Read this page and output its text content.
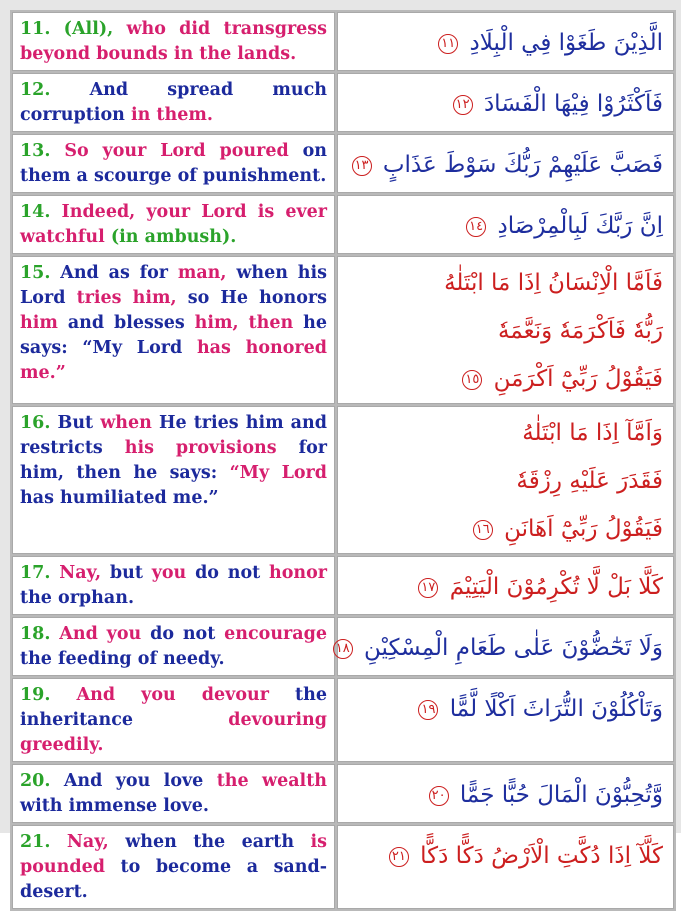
11. (All), who did transgress beyond bounds in the lands.	الَّذِيْنَ طَغَوْا فِي الْبِلَادِ ١١

12. And spread much corruption in them.	فَاَكْثَرُوْا فِيْهَا الْفَسَادَ ١٢

13. So your Lord poured on them a scourge of punishment.	فَصَبَّ عَلَيْهِمْ رَبُّكَ سَوْطَ عَذَابٍ ١٣

14. Indeed, your Lord is ever watchful (in ambush).	اِنَّ رَبَّكَ لَبِالْمِرْصَادِ ١٤

15. And as for man, when his Lord tries him, so He honors him and blesses him, then he says: “My Lord has honored me.”	فَاَمَّا الْاِنْسَانُ اِذَا مَا ابْتَلٰهُ
رَبُّهٗ فَاَكْرَمَهٗ وَنَعَّمَهٗ
فَيَقُوْلُ رَبِّيْٓ اَكْرَمَنِ ١٥

16. But when He tries him and restricts his provisions for him, then he says: “My Lord has humiliated me.”	وَاَمَّآ اِذَا مَا ابْتَلٰهُ
فَقَدَرَ عَلَيْهِ رِزْقَهٗ
فَيَقُوْلُ رَبِّيْٓ اَهَانَنِ ١٦

17. Nay, but you do not honor the orphan.	كَلَّا بَلْ لَّا تُكْرِمُوْنَ الْيَتِيْمَ ١٧

18. And you do not encourage the feeding of needy.	وَلَا تَحٰٓضُّوْنَ عَلٰى طَعَامِ الْمِسْكِيْنِ ١٨

19. And you devour the inheritance devouring greedily.	وَتَاْكُلُوْنَ التُّرَاثَ اَكْلًا لَّمًّا ١٩

20. And you love the wealth with immense love.	وَّتُحِبُّوْنَ الْمَالَ حُبًّا جَمًّا ٢٠

21. Nay, when the earth is pounded to become a sand-desert.	كَلَّآ اِذَا دُكَّتِ الْاَرْضُ دَكًّا دَكًّا ٢١
